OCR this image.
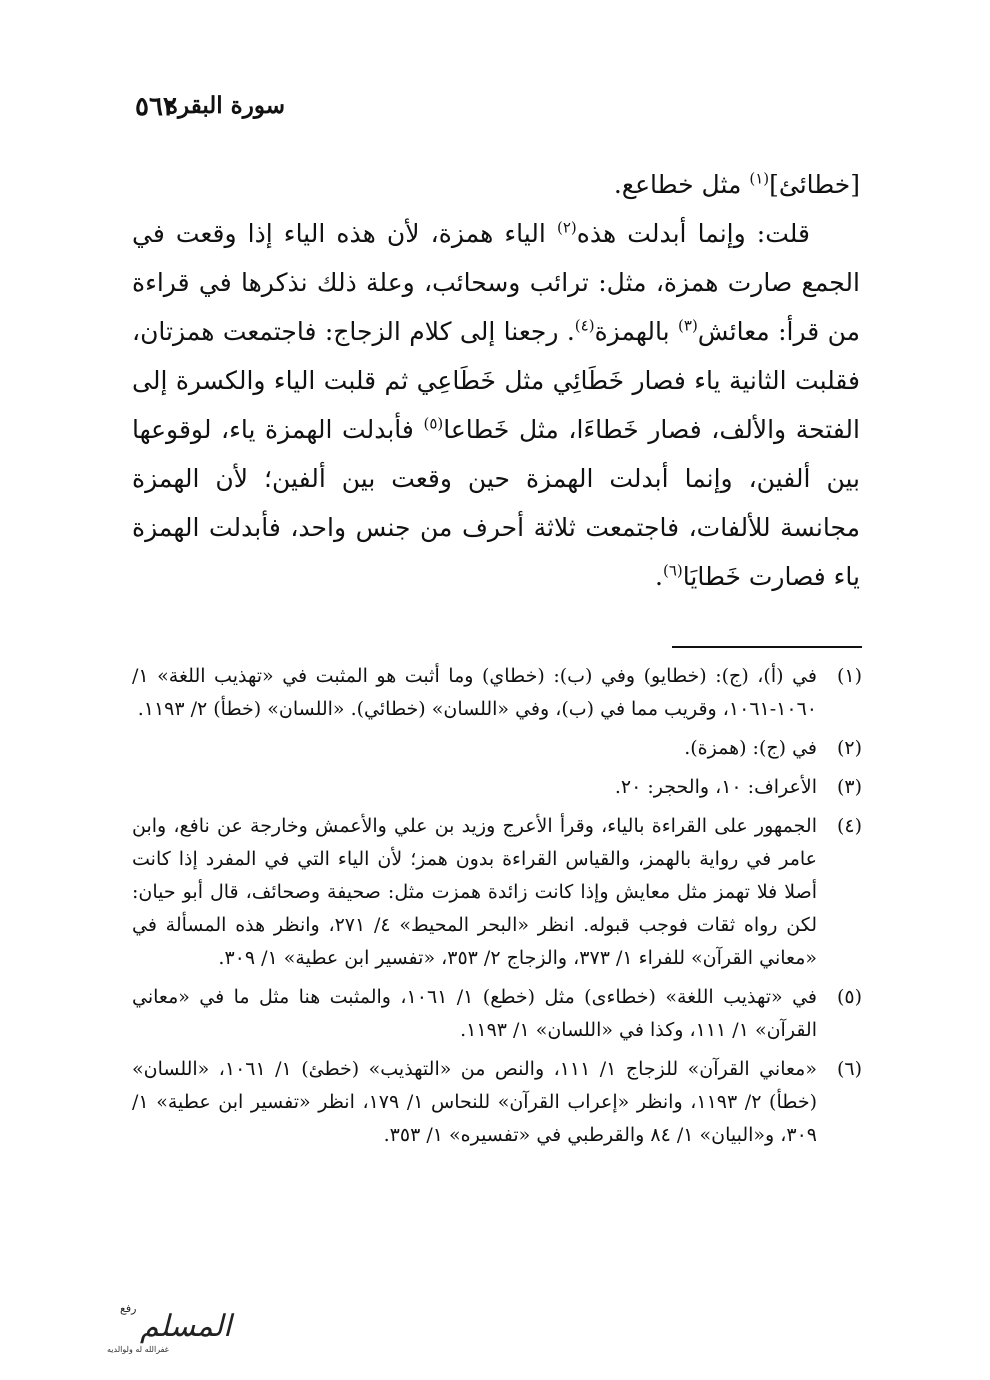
٥٦٢
سورة البقرة

[خطائئ]$^{(١)}$ مثل خطاعع.

قلت: وإنما أبدلت هذه$^{(٢)}$ الياء همزة، لأن هذه الياء إذا وقعت في الجمع صارت همزة، مثل: ترائب وسحائب، وعلة ذلك نذكرها في قراءة من قرأ: معائش$^{(٣)}$ بالهمزة$^{(٤)}$. رجعنا إلى كلام الزجاج: فاجتمعت همزتان، فقلبت الثانية ياء فصار خَطَائِي مثل خَطَاعِي ثم قلبت الياء والكسرة إلى الفتحة والألف، فصار خَطاءَا، مثل خَطاعا$^{(٥)}$ فأبدلت الهمزة ياء، لوقوعها بين ألفين، وإنما أبدلت الهمزة حين وقعت بين ألفين؛ لأن الهمزة مجانسة للألفات، فاجتمعت ثلاثة أحرف من جنس واحد، فأبدلت الهمزة ياء فصارت خَطايَا$^{(٦)}$.

(١)
في (أ)، (ج): (خطايو) وفي (ب): (خطاي) وما أثبت هو المثبت في «تهذيب اللغة» ١/ ١٠٦٠-١٠٦١، وقريب مما في (ب)، وفي «اللسان» (خطائي). «اللسان» (خطأ) ٢/ ١١٩٣.
(٢)
في (ج): (همزة).
(٣)
الأعراف: ١٠، والحجر: ٢٠.
(٤)
الجمهور على القراءة بالياء، وقرأ الأعرج وزيد بن علي والأعمش وخارجة عن نافع، وابن عامر في رواية بالهمز، والقياس القراءة بدون همز؛ لأن الياء التي في المفرد إذا كانت أصلا فلا تهمز مثل معايش وإذا كانت زائدة همزت مثل: صحيفة وصحائف، قال أبو حيان: لكن رواه ثقات فوجب قبوله. انظر «البحر المحيط» ٤/ ٢٧١، وانظر هذه المسألة في «معاني القرآن» للفراء ١/ ٣٧٣، والزجاج ٢/ ٣٥٣، «تفسير ابن عطية» ١/ ٣٠٩.
(٥)
في «تهذيب اللغة» (خطاءى) مثل (خطع) ١/ ١٠٦١، والمثبت هنا مثل ما في «معاني القرآن» ١/ ١١١، وكذا في «اللسان» ١/ ١١٩٣.
(٦)
«معاني القرآن» للزجاج ١/ ١١١، والنص من «التهذيب» (خطئ) ١/ ١٠٦١، «اللسان» (خطأ) ٢/ ١١٩٣، وانظر «إعراب القرآن» للنحاس ١/ ١٧٩، انظر «تفسير ابن عطية» ١/ ٣٠٩، و«البيان» ١/ ٨٤ والقرطبي في «تفسيره» ١/ ٣٥٣.
رفع
المسلم
غفرالله له ولوالديه
